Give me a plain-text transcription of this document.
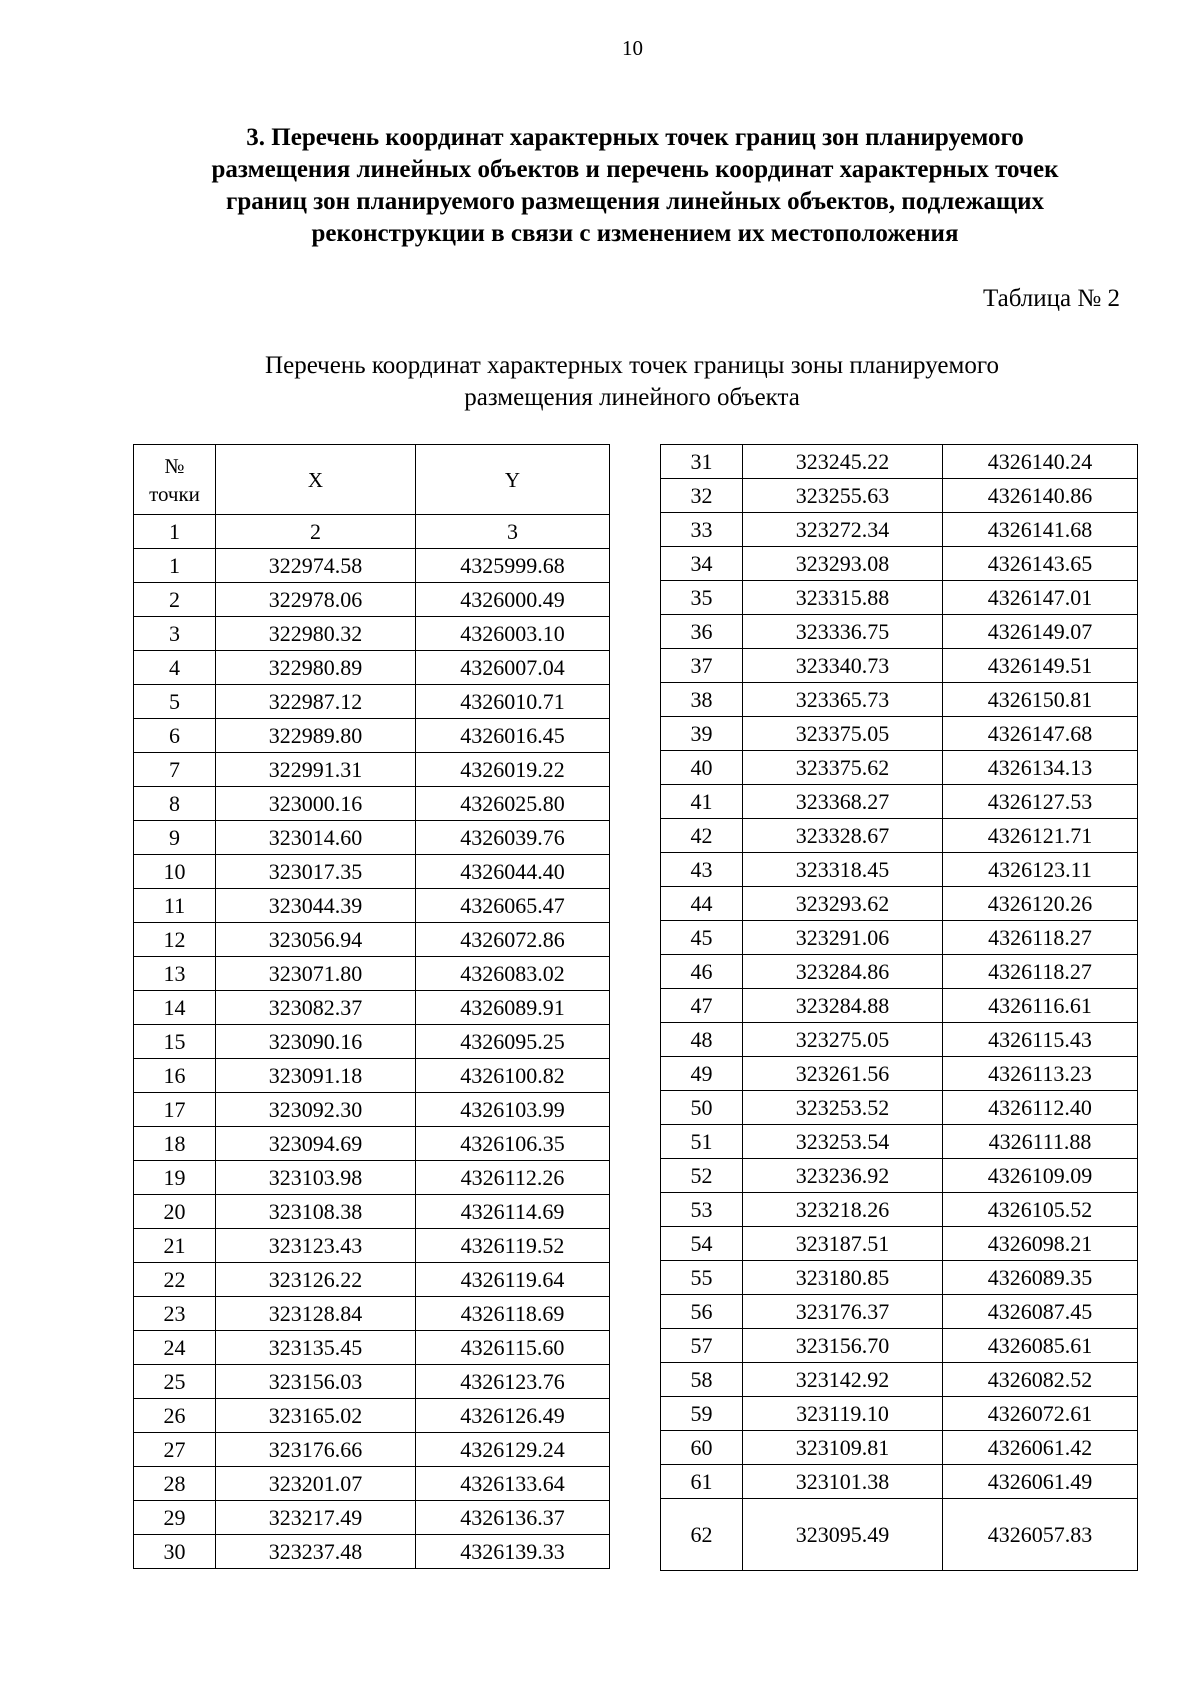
10
3. Перечень координат характерных точек границ зон планируемого
размещения линейных объектов и перечень координат характерных точек
границ зон планируемого размещения линейных объектов, подлежащих
реконструкции в связи с изменением их местоположения
Таблица № 2
Перечень координат характерных точек границы зоны планируемого
размещения линейного объекта
№
точки	X	Y
1	2	3
1	322974.58	4325999.68
2	322978.06	4326000.49
3	322980.32	4326003.10
4	322980.89	4326007.04
5	322987.12	4326010.71
6	322989.80	4326016.45
7	322991.31	4326019.22
8	323000.16	4326025.80
9	323014.60	4326039.76
10	323017.35	4326044.40
11	323044.39	4326065.47
12	323056.94	4326072.86
13	323071.80	4326083.02
14	323082.37	4326089.91
15	323090.16	4326095.25
16	323091.18	4326100.82
17	323092.30	4326103.99
18	323094.69	4326106.35
19	323103.98	4326112.26
20	323108.38	4326114.69
21	323123.43	4326119.52
22	323126.22	4326119.64
23	323128.84	4326118.69
24	323135.45	4326115.60
25	323156.03	4326123.76
26	323165.02	4326126.49
27	323176.66	4326129.24
28	323201.07	4326133.64
29	323217.49	4326136.37
30	323237.48	4326139.33
31	323245.22	4326140.24
32	323255.63	4326140.86
33	323272.34	4326141.68
34	323293.08	4326143.65
35	323315.88	4326147.01
36	323336.75	4326149.07
37	323340.73	4326149.51
38	323365.73	4326150.81
39	323375.05	4326147.68
40	323375.62	4326134.13
41	323368.27	4326127.53
42	323328.67	4326121.71
43	323318.45	4326123.11
44	323293.62	4326120.26
45	323291.06	4326118.27
46	323284.86	4326118.27
47	323284.88	4326116.61
48	323275.05	4326115.43
49	323261.56	4326113.23
50	323253.52	4326112.40
51	323253.54	4326111.88
52	323236.92	4326109.09
53	323218.26	4326105.52
54	323187.51	4326098.21
55	323180.85	4326089.35
56	323176.37	4326087.45
57	323156.70	4326085.61
58	323142.92	4326082.52
59	323119.10	4326072.61
60	323109.81	4326061.42
61	323101.38	4326061.49
62	323095.49	4326057.83
